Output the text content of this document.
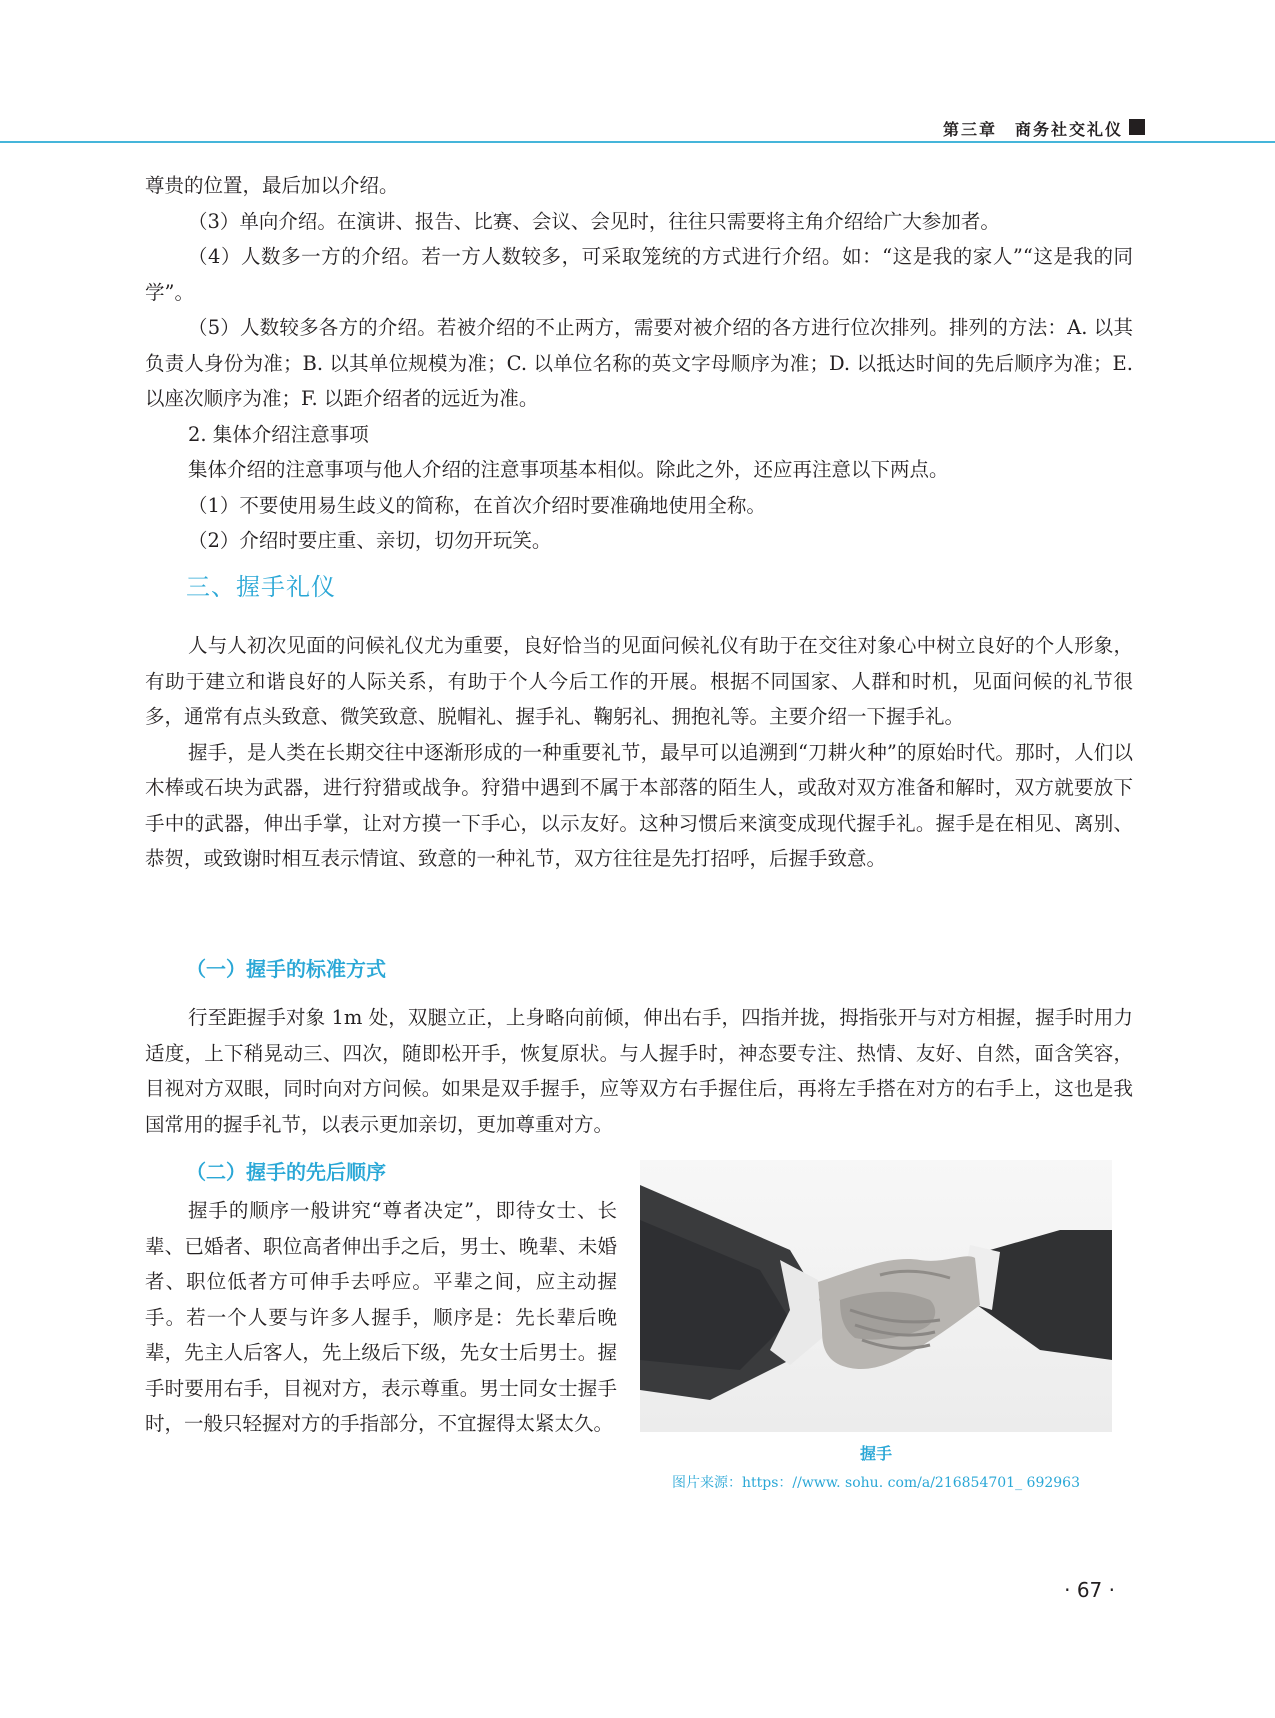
第三章　商务社交礼仪

尊贵的位置，最后加以介绍。

（3）单向介绍。在演讲、报告、比赛、会议、会见时，往往只需要将主角介绍给广大参加者。

（4）人数多一方的介绍。若一方人数较多，可采取笼统的方式进行介绍。如：“这是我的家人”“这是我的同学”。

（5）人数较多各方的介绍。若被介绍的不止两方，需要对被介绍的各方进行位次排列。排列的方法：A. 以其负责人身份为准；B. 以其单位规模为准；C. 以单位名称的英文字母顺序为准；D. 以抵达时间的先后顺序为准；E. 以座次顺序为准；F. 以距介绍者的远近为准。

2. 集体介绍注意事项

集体介绍的注意事项与他人介绍的注意事项基本相似。除此之外，还应再注意以下两点。

（1）不要使用易生歧义的简称，在首次介绍时要准确地使用全称。

（2）介绍时要庄重、亲切，切勿开玩笑。

三、握手礼仪

人与人初次见面的问候礼仪尤为重要，良好恰当的见面问候礼仪有助于在交往对象心中树立良好的个人形象，有助于建立和谐良好的人际关系，有助于个人今后工作的开展。根据不同国家、人群和时机，见面问候的礼节很多，通常有点头致意、微笑致意、脱帽礼、握手礼、鞠躬礼、拥抱礼等。主要介绍一下握手礼。

握手，是人类在长期交往中逐渐形成的一种重要礼节，最早可以追溯到“刀耕火种”的原始时代。那时，人们以木棒或石块为武器，进行狩猎或战争。狩猎中遇到不属于本部落的陌生人，或敌对双方准备和解时，双方就要放下手中的武器，伸出手掌，让对方摸一下手心，以示友好。这种习惯后来演变成现代握手礼。握手是在相见、离别、恭贺，或致谢时相互表示情谊、致意的一种礼节，双方往往是先打招呼，后握手致意。

（一）握手的标准方式

行至距握手对象 1m 处，双腿立正，上身略向前倾，伸出右手，四指并拢，拇指张开与对方相握，握手时用力适度，上下稍晃动三、四次，随即松开手，恢复原状。与人握手时，神态要专注、热情、友好、自然，面含笑容，目视对方双眼，同时向对方问候。如果是双手握手，应等双方右手握住后，再将左手搭在对方的右手上，这也是我国常用的握手礼节，以表示更加亲切，更加尊重对方。

（二）握手的先后顺序

握手的顺序一般讲究“尊者决定”，即待女士、长辈、已婚者、职位高者伸出手之后，男士、晚辈、未婚者、职位低者方可伸手去呼应。平辈之间，应主动握手。若一个人要与许多人握手，顺序是：先长辈后晚辈，先主人后客人，先上级后下级，先女士后男士。握手时要用右手，目视对方，表示尊重。男士同女士握手时，一般只轻握对方的手指部分，不宜握得太紧太久。

握手
图片来源：https：//www. sohu. com/a/216854701_ 692963
· 67 ·
